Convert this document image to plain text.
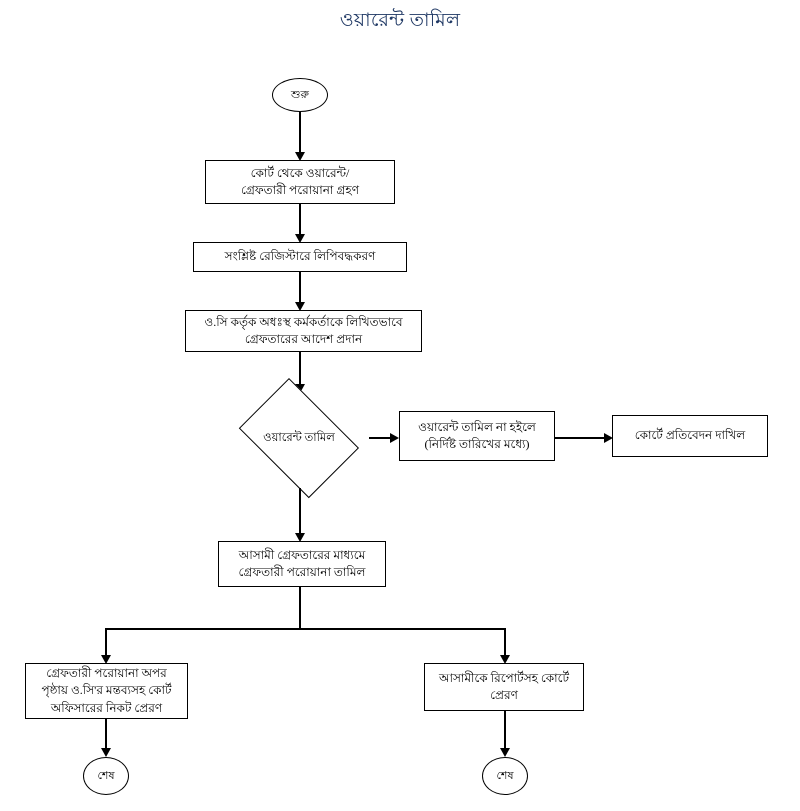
ওয়ারেন্ট তামিল
শুরু
কোর্ট থেকে ওয়ারেন্ট/
গ্রেফতারী পরোয়ানা গ্রহণ
সংশ্লিষ্ট রেজিস্টারে লিপিবদ্ধকরণ
ও.সি কর্তৃক অধঃস্থ কর্মকর্তাকে লিখিতভাবে
গ্রেফতারের আদেশ প্রদান
ওয়ারেন্ট তামিল
ওয়ারেন্ট তামিল না হইলে
(নির্দিষ্ট তারিখের মধ্যে)
কোর্টে প্রতিবেদন দাখিল
আসামী গ্রেফতারের মাধ্যমে
গ্রেফতারী পরোয়ানা তামিল
গ্রেফতারী পরোয়ানা অপর
পৃষ্ঠায় ও.সি'র মন্তব্যসহ কোর্ট
অফিসারের নিকট প্রেরণ
আসামীকে রিপোর্টসহ কোর্টে
প্রেরণ
শেষ	শেষ
